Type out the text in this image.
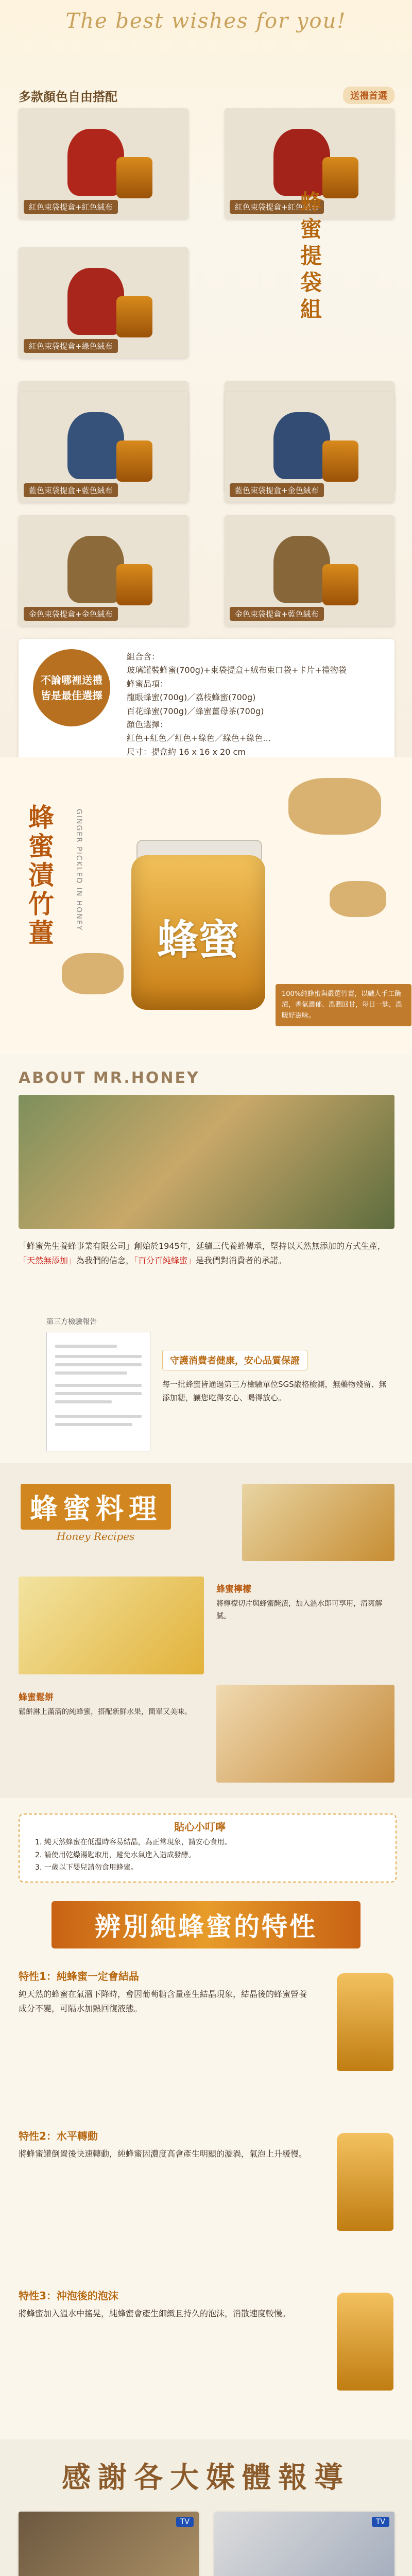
The best wishes for you!
多款顏色自由搭配	送禮首選
紅色束袋提盒+紅色絨布	紅色束袋提盒+紅色絨布
紅色束袋提盒+綠色絨布
蜂蜜提袋組
不論哪裡送禮
皆是最佳選擇
組合含：
玻璃罐裝蜂蜜(700g)+束袋提盒+絨布束口袋+卡片+禮物袋
蜂蜜品項：
龍眼蜂蜜(700g)／荔枝蜂蜜(700g)
百花蜂蜜(700g)／蜂蜜薑母茶(700g)
顏色選擇：
紅色+紅色／紅色+綠色／綠色+綠色…
尺寸：提盒約 16 x 16 x 20 cm
藍色束袋提盒+藍色絨布	藍色束袋提盒+金色絨布
金色束袋提盒+金色絨布	金色束袋提盒+藍色絨布
蜂蜜漬竹薑	GINGER PICKLED IN HONEY
蜂蜜
100%純蜂蜜與嚴選竹薑，以職人手工醃漬，香氣濃郁、溫潤回甘，每日一匙，溫暖好滋味。
ABOUT MR.HONEY

「蜂蜜先生養蜂事業有限公司」創始於1945年，延續三代養蜂傳承，堅持以天然無添加的方式生產，「天然無添加」為我們的信念，「百分百純蜂蜜」是我們對消費者的承諾。

第三方檢驗報告
守護消費者健康，安心品質保證

每一批蜂蜜皆通過第三方檢驗單位SGS嚴格檢測，無藥物殘留、無添加糖，讓您吃得安心、喝得放心。

蜂蜜料理
Honey Recipes
蜂蜜檸檬

將檸檬切片與蜂蜜醃漬，加入溫水即可享用，清爽解膩。

蜂蜜鬆餅

鬆餅淋上滿滿的純蜂蜜，搭配新鮮水果，簡單又美味。

貼心小叮嚀
1. 純天然蜂蜜在低溫時容易結晶，為正常現象，請安心食用。
2. 請使用乾燥湯匙取用，避免水氣進入造成發酵。
3. 一歲以下嬰兒請勿食用蜂蜜。
辨別純蜂蜜的特性

特性1：純蜂蜜一定會結晶

純天然的蜂蜜在氣溫下降時，會因葡萄糖含量產生結晶現象，結晶後的蜂蜜營養成分不變，可隔水加熱回復液態。

特性2：水平轉動

將蜂蜜罐倒置後快速轉動，純蜂蜜因濃度高會產生明顯的漩渦，氣泡上升緩慢。

特性3：沖泡後的泡沫

將蜂蜜加入溫水中搖晃，純蜂蜜會產生細緻且持久的泡沫，消散速度較慢。

感謝各大媒體報導
TV	TV
